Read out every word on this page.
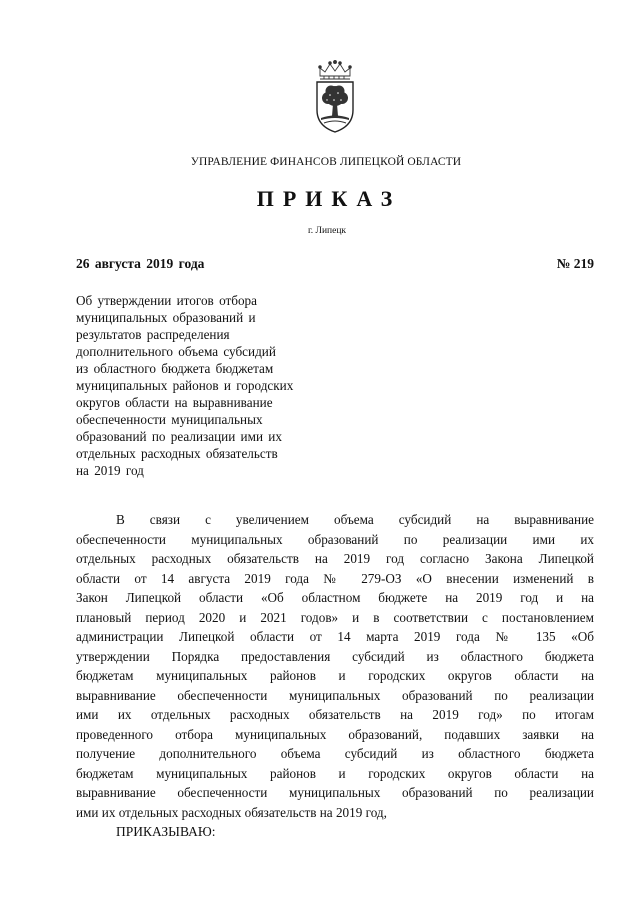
УПРАВЛЕНИЕ ФИНАНСОВ ЛИПЕЦКОЙ ОБЛАСТИ
ПРИКАЗ
г. Липецк
26 августа 2019 года	№ 219
Об утверждении итогов отбора
муниципальных образований и
результатов распределения
дополнительного объема субсидий
из областного бюджета бюджетам
муниципальных районов и городских
округов области на выравнивание
обеспеченности муниципальных
образований по реализации ими их
отдельных расходных обязательств
на 2019 год
В связи с увеличением объема субсидий на выравнивание
обеспеченности муниципальных образований по реализации ими их
отдельных расходных обязательств на 2019 год согласно Закона Липецкой
области от 14 августа 2019 года № 279-ОЗ «О внесении изменений в
Закон Липецкой области «Об областном бюджете на 2019 год и на
плановый период 2020 и 2021 годов» и в соответствии с постановлением
администрации Липецкой области от 14 марта 2019 года № 135 «Об
утверждении Порядка предоставления субсидий из областного бюджета
бюджетам муниципальных районов и городских округов области на
выравнивание обеспеченности муниципальных образований по реализации
ими их отдельных расходных обязательств на 2019 год» по итогам
проведенного отбора муниципальных образований, подавших заявки на
получение дополнительного объема субсидий из областного бюджета
бюджетам муниципальных районов и городских округов области на
выравнивание обеспеченности муниципальных образований по реализации
ими их отдельных расходных обязательств на 2019 год,
ПРИКАЗЫВАЮ:
